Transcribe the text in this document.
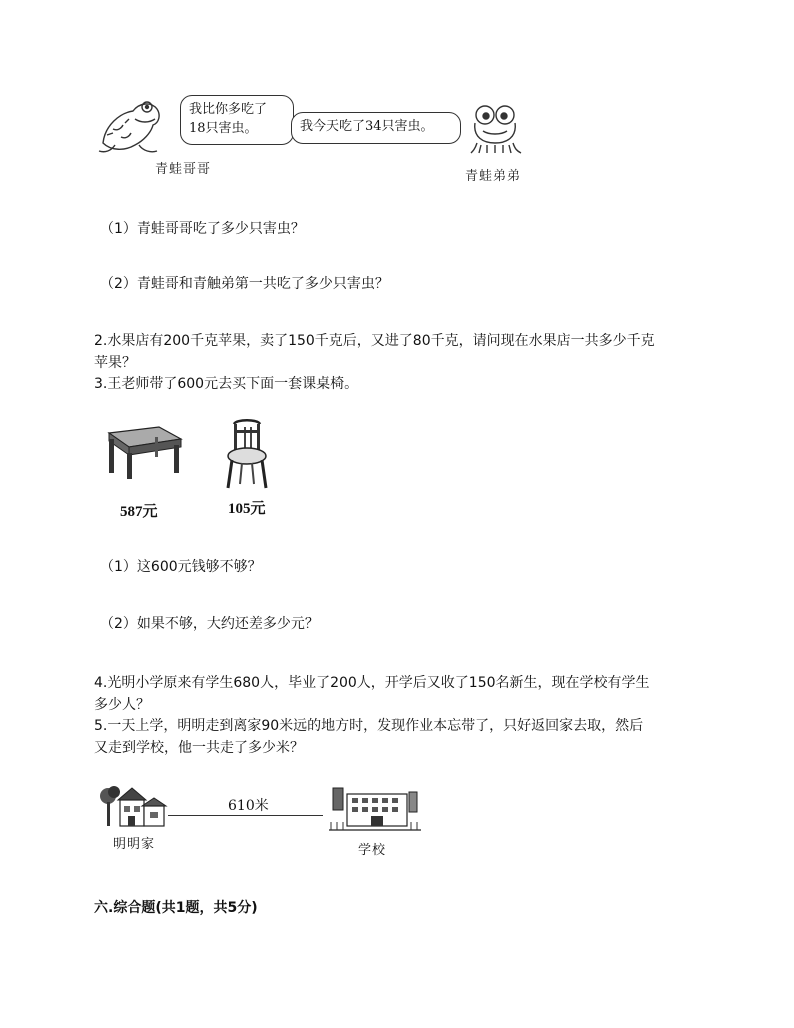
青蛙哥哥
我比你多吃了
18只害虫。	我今天吃了34只害虫。
青蛙弟弟
（1）青蛙哥哥吃了多少只害虫？
（2）青蛙哥和青触弟第一共吃了多少只害虫？
2.水果店有200千克苹果，卖了150千克后，又进了80千克，请问现在水果店一共多少千克
苹果？
3.王老师带了600元去买下面一套课桌椅。
587元	105元
（1）这600元钱够不够？
（2）如果不够，大约还差多少元？
4.光明小学原来有学生680人，毕业了200人，开学后又收了150名新生，现在学校有学生
多少人？
5.一天上学，明明走到离家90米远的地方时，发现作业本忘带了，只好返回家去取，然后
又走到学校，他一共走了多少米？
610米
明明家	学校
六.综合题(共1题，共5分)
